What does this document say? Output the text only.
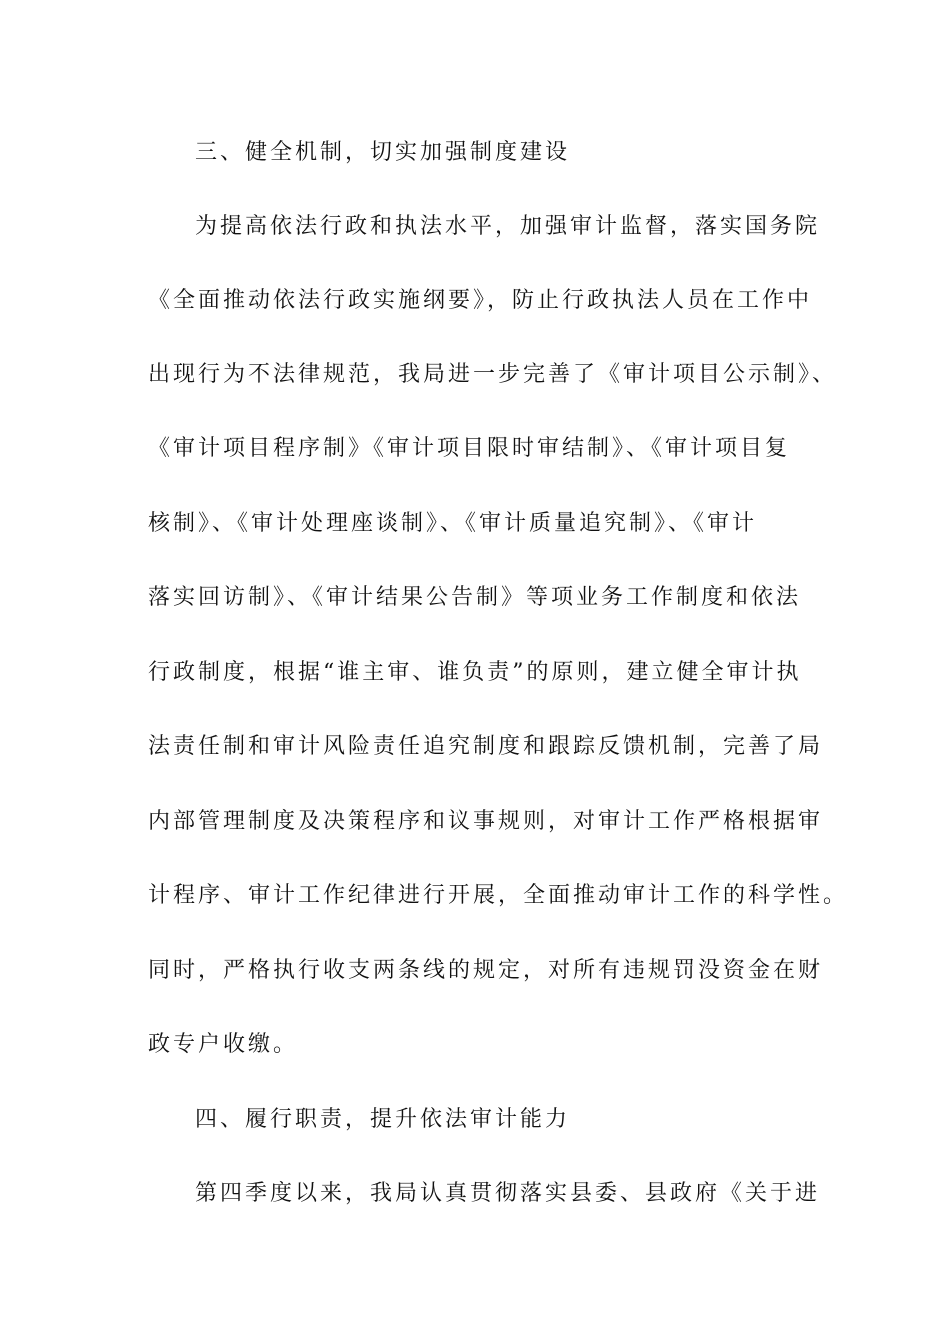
三、健全机制，切实加强制度建设

为提高依法行政和执法水平，加强审计监督，落实国务院

《全面推动依法行政实施纲要》，防止行政执法人员在工作中

出现行为不法律规范，我局进一步完善了《审计项目公示制》、

《审计项目程序制》《审计项目限时审结制》、《审计项目复

核制》、《审计处理座谈制》、《审计质量追究制》、《审计

落实回访制》、《审计结果公告制》等项业务工作制度和依法

行政制度，根据“谁主审、谁负责”的原则，建立健全审计执

法责任制和审计风险责任追究制度和跟踪反馈机制，完善了局

内部管理制度及决策程序和议事规则，对审计工作严格根据审

计程序、审计工作纪律进行开展，全面推动审计工作的科学性。

同时，严格执行收支两条线的规定，对所有违规罚没资金在财

政专户收缴。

四、履行职责，提升依法审计能力

第四季度以来，我局认真贯彻落实县委、县政府《关于进
